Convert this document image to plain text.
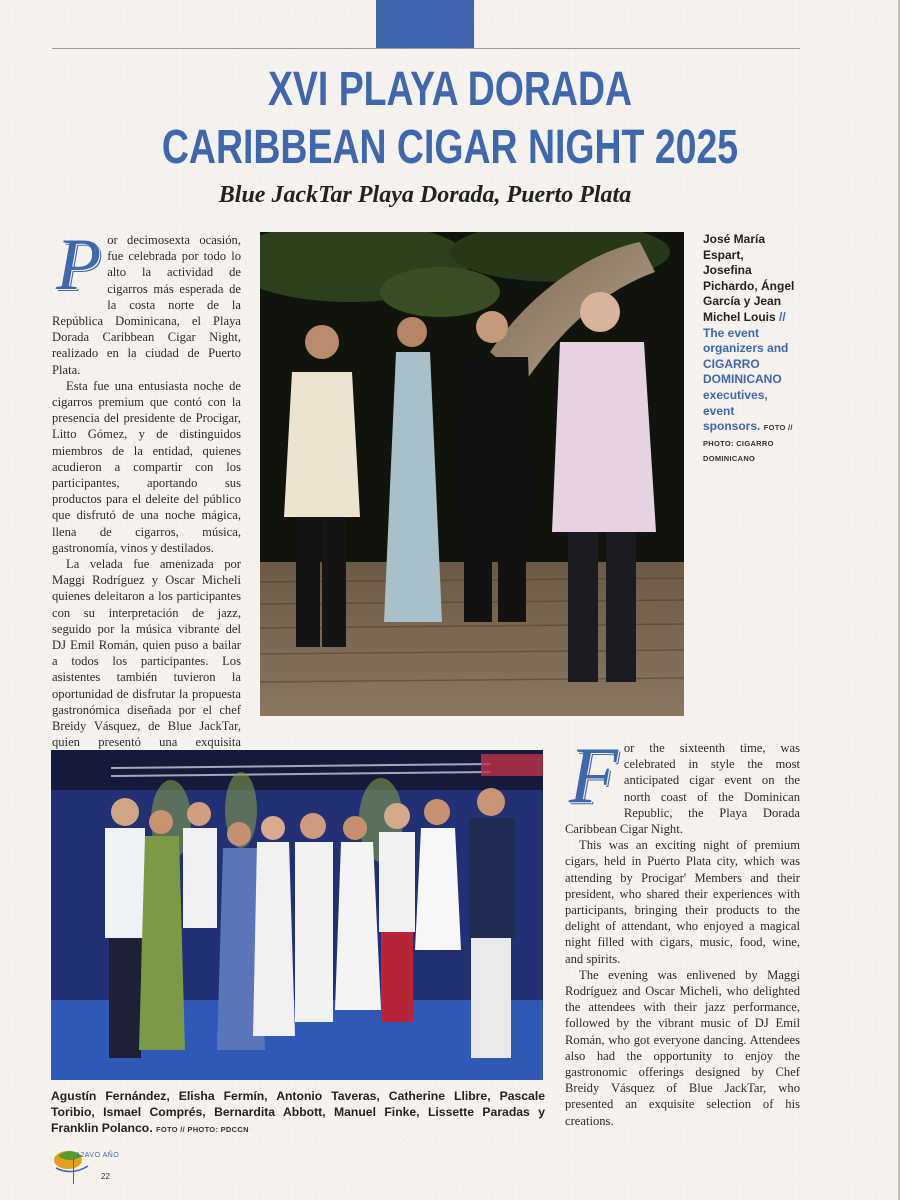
XVI PLAYA DORADA
CARIBBEAN CIGAR NIGHT 2025
Blue JackTar Playa Dorada, Puerto Plata
P or decimosexta ocasión, fue celebrada por todo lo alto la actividad de cigarros más esperada de la costa norte de la República Dominicana, el Playa Dorada Caribbean Cigar Night, realizado en la ciudad de Puerto Plata.

Esta fue una entusiasta noche de cigarros premium que contó con la presencia del presidente de Procigar, Litto Gómez, y de distinguidos miembros de la entidad, quienes acudieron a compartir con los participantes, aportando sus productos para el deleite del público que disfrutó de una noche mágica, llena de cigarros, música, gastronomía, vinos y destilados.

La velada fue amenizada por Maggi Rodríguez y Oscar Micheli quienes deleitaron a los participantes con su interpretación de jazz, seguido por la música vibrante del DJ Emil Román, quien puso a bailar a todos los participantes. Los asistentes también tuvieron la oportunidad de disfrutar la propuesta gastronómica diseñada por el chef Breidy Vásquez, de Blue JackTar, quien presentó una exquisita

José María Espart, Josefina Pichardo, Ángel García y Jean Michel Louis // The event organizers and CIGARRO DOMINICANO executives, event sponsors. FOTO // PHOTO: CIGARRO DOMINICANO
Agustín Fernández, Elisha Fermín, Antonio Taveras, Catherine Llibre, Pascale Toribio, Ismael Comprés, Bernardita Abbott, Manuel Finke, Lissette Paradas y Franklin Polanco. FOTO // PHOTO: PDCCN
F or the sixteenth time, was celebrated in style the most anticipated cigar event on the north coast of the Dominican Republic, the Playa Dorada Caribbean Cigar Night.

This was an exciting night of premium cigars, held in Puerto Plata city, which was attending by Procigar' Members and their president, who shared their experiences with participants, bringing their products to the delight of attendant, who enjoyed a magical night filled with cigars, music, food, wine, and spirits.

The evening was enlivened by Maggi Rodríguez and Oscar Micheli, who delighted the attendees with their jazz performance, followed by the vibrant music of DJ Emil Román, who got everyone dancing. Attendees also had the opportunity to enjoy the gastronomic offerings designed by Chef Breidy Vásquez of Blue JackTar, who presented an exquisite selection of his creations.

12AVO AÑO
22
